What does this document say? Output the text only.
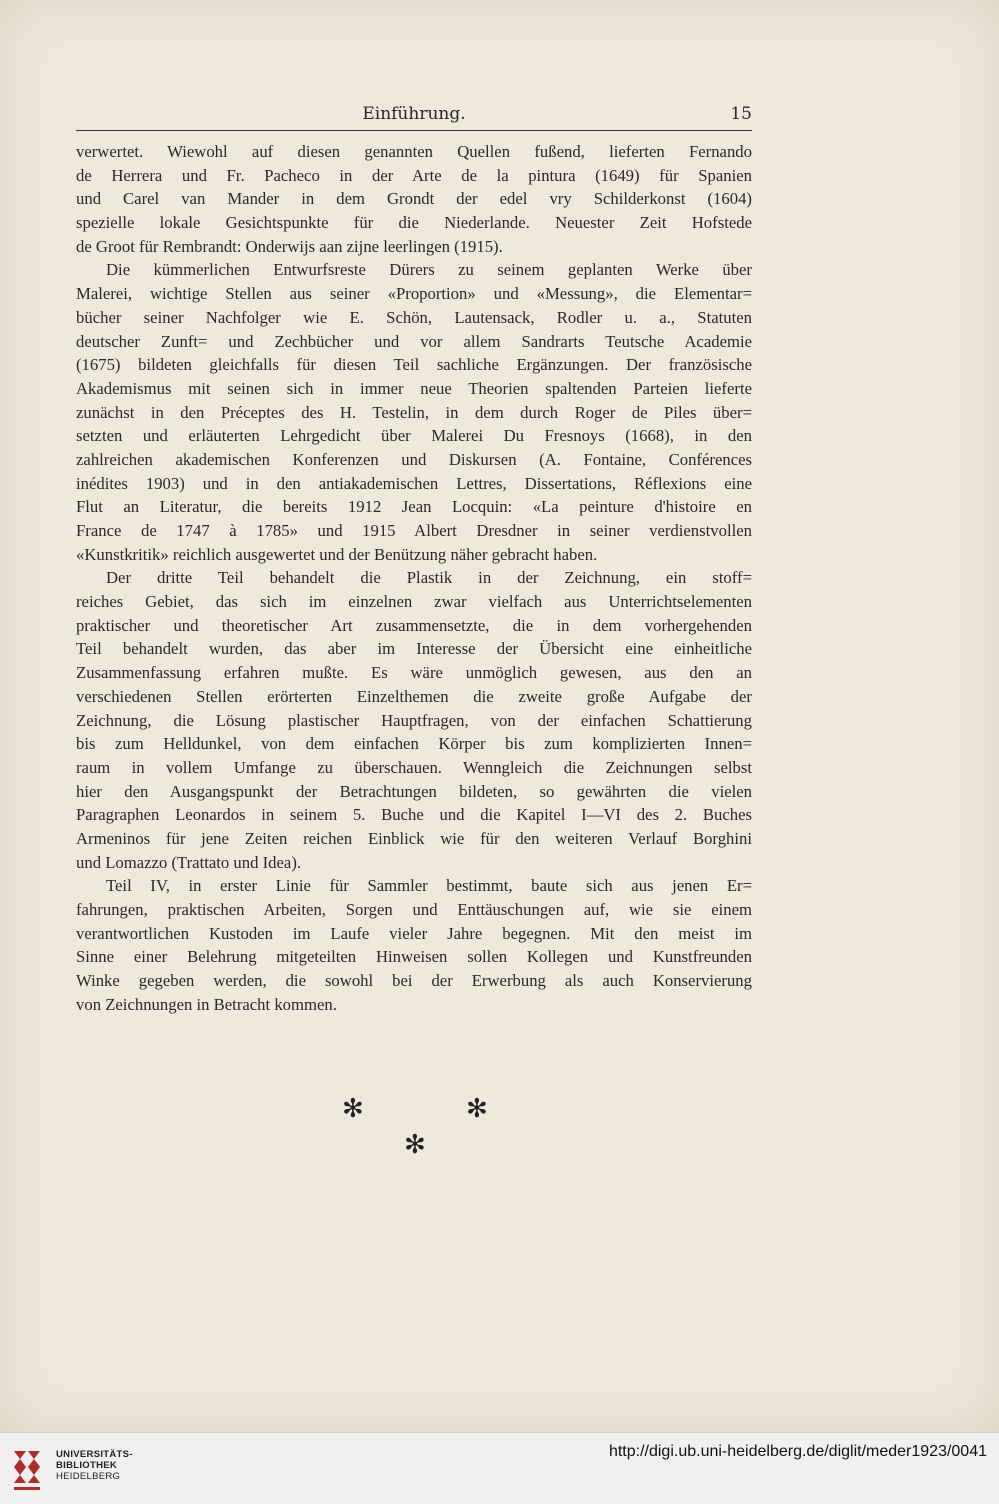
Einführung.	15
verwertet. Wiewohl auf diesen genannten Quellen fußend, lieferten Fernando
de Herrera und Fr. Pacheco in der Arte de la pintura (1649) für Spanien
und Carel van Mander in dem Grondt der edel vry Schilderkonst (1604)
spezielle lokale Gesichtspunkte für die Niederlande. Neuester Zeit Hofstede
de Groot für Rembrandt: Onderwijs aan zijne leerlingen (1915).
Die kümmerlichen Entwurfsreste Dürers zu seinem geplanten Werke über
Malerei, wichtige Stellen aus seiner «Proportion» und «Messung», die Elementar=
bücher seiner Nachfolger wie E. Schön, Lautensack, Rodler u. a., Statuten
deutscher Zunft= und Zechbücher und vor allem Sandrarts Teutsche Academie
(1675) bildeten gleichfalls für diesen Teil sachliche Ergänzungen. Der französische
Akademismus mit seinen sich in immer neue Theorien spaltenden Parteien lieferte
zunächst in den Préceptes des H. Testelin, in dem durch Roger de Piles über=
setzten und erläuterten Lehrgedicht über Malerei Du Fresnoys (1668), in den
zahlreichen akademischen Konferenzen und Diskursen (A. Fontaine, Conférences
inédites 1903) und in den antiakademischen Lettres, Dissertations, Réflexions eine
Flut an Literatur, die bereits 1912 Jean Locquin: «La peinture d'histoire en
France de 1747 à 1785» und 1915 Albert Dresdner in seiner verdienstvollen
«Kunstkritik» reichlich ausgewertet und der Benützung näher gebracht haben.
Der dritte Teil behandelt die Plastik in der Zeichnung, ein stoff=
reiches Gebiet, das sich im einzelnen zwar vielfach aus Unterrichtselementen
praktischer und theoretischer Art zusammensetzte, die in dem vorhergehenden
Teil behandelt wurden, das aber im Interesse der Übersicht eine einheitliche
Zusammenfassung erfahren mußte. Es wäre unmöglich gewesen, aus den an
verschiedenen Stellen erörterten Einzelthemen die zweite große Aufgabe der
Zeichnung, die Lösung plastischer Hauptfragen, von der einfachen Schattierung
bis zum Helldunkel, von dem einfachen Körper bis zum komplizierten Innen=
raum in vollem Umfange zu überschauen. Wenngleich die Zeichnungen selbst
hier den Ausgangspunkt der Betrachtungen bildeten, so gewährten die vielen
Paragraphen Leonardos in seinem 5. Buche und die Kapitel I—VI des 2. Buches
Armeninos für jene Zeiten reichen Einblick wie für den weiteren Verlauf Borghini
und Lomazzo (Trattato und Idea).
Teil IV, in erster Linie für Sammler bestimmt, baute sich aus jenen Er=
fahrungen, praktischen Arbeiten, Sorgen und Enttäuschungen auf, wie sie einem
verantwortlichen Kustoden im Laufe vieler Jahre begegnen. Mit den meist im
Sinne einer Belehrung mitgeteilten Hinweisen sollen Kollegen und Kunstfreunden
Winke gegeben werden, die sowohl bei der Erwerbung als auch Konservierung
von Zeichnungen in Betracht kommen.
✻	✻
✻
UNIVERSITÄTS-
BIBLIOTHEK
HEIDELBERG
http://digi.ub.uni-heidelberg.de/diglit/meder1923/0041
